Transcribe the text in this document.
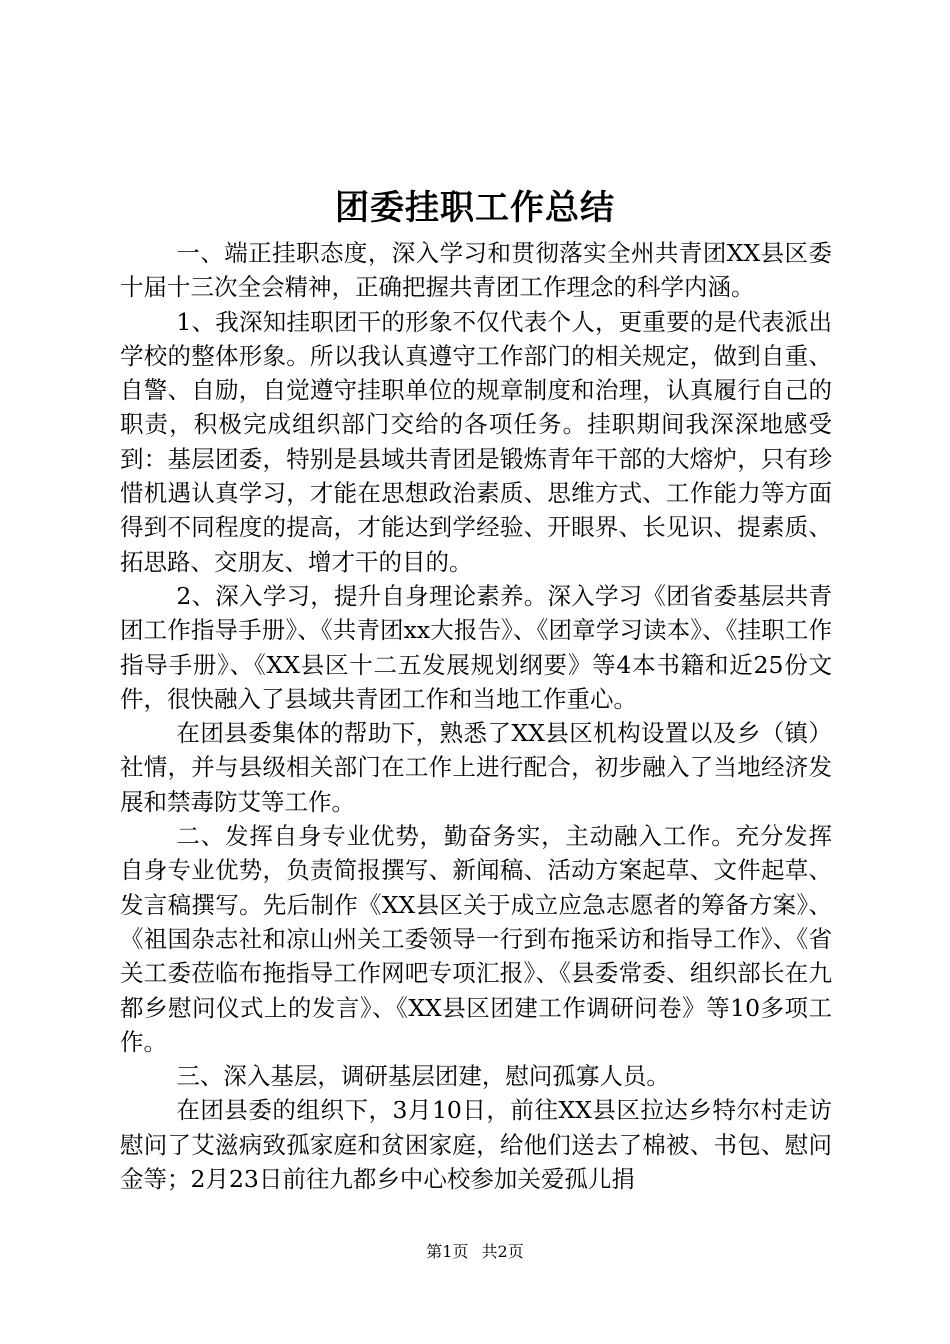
团委挂职工作总结

一、端正挂职态度，深入学习和贯彻落实全州共青团XX县区委十届十三次全会精神，正确把握共青团工作理念的科学内涵。

1、我深知挂职团干的形象不仅代表个人，更重要的是代表派出学校的整体形象。所以我认真遵守工作部门的相关规定，做到自重、自警、自励，自觉遵守挂职单位的规章制度和治理，认真履行自己的职责，积极完成组织部门交给的各项任务。挂职期间我深深地感受到：基层团委，特别是县域共青团是锻炼青年干部的大熔炉，只有珍惜机遇认真学习，才能在思想政治素质、思维方式、工作能力等方面得到不同程度的提高，才能达到学经验、开眼界、长见识、提素质、拓思路、交朋友、增才干的目的。

2、深入学习，提升自身理论素养。深入学习《团省委基层共青团工作指导手册》、《共青团xx大报告》、《团章学习读本》、《挂职工作指导手册》、《XX县区十二五发展规划纲要》等4本书籍和近25份文件，很快融入了县域共青团工作和当地工作重心。

在团县委集体的帮助下，熟悉了XX县区机构设置以及乡（镇）社情，并与县级相关部门在工作上进行配合，初步融入了当地经济发展和禁毒防艾等工作。

二、发挥自身专业优势，勤奋务实，主动融入工作。充分发挥自身专业优势，负责简报撰写、新闻稿、活动方案起草、文件起草、发言稿撰写。先后制作《XX县区关于成立应急志愿者的筹备方案》、《祖国杂志社和凉山州关工委领导一行到布拖采访和指导工作》、《省关工委莅临布拖指导工作网吧专项汇报》、《县委常委、组织部长在九都乡慰问仪式上的发言》、《XX县区团建工作调研问卷》等10多项工作。

三、深入基层，调研基层团建，慰问孤寡人员。

在团县委的组织下，3月10日，前往XX县区拉达乡特尔村走访慰问了艾滋病致孤家庭和贫困家庭，给他们送去了棉被、书包、慰问金等；2月23日前往九都乡中心校参加关爱孤儿捐

第1页 共2页
